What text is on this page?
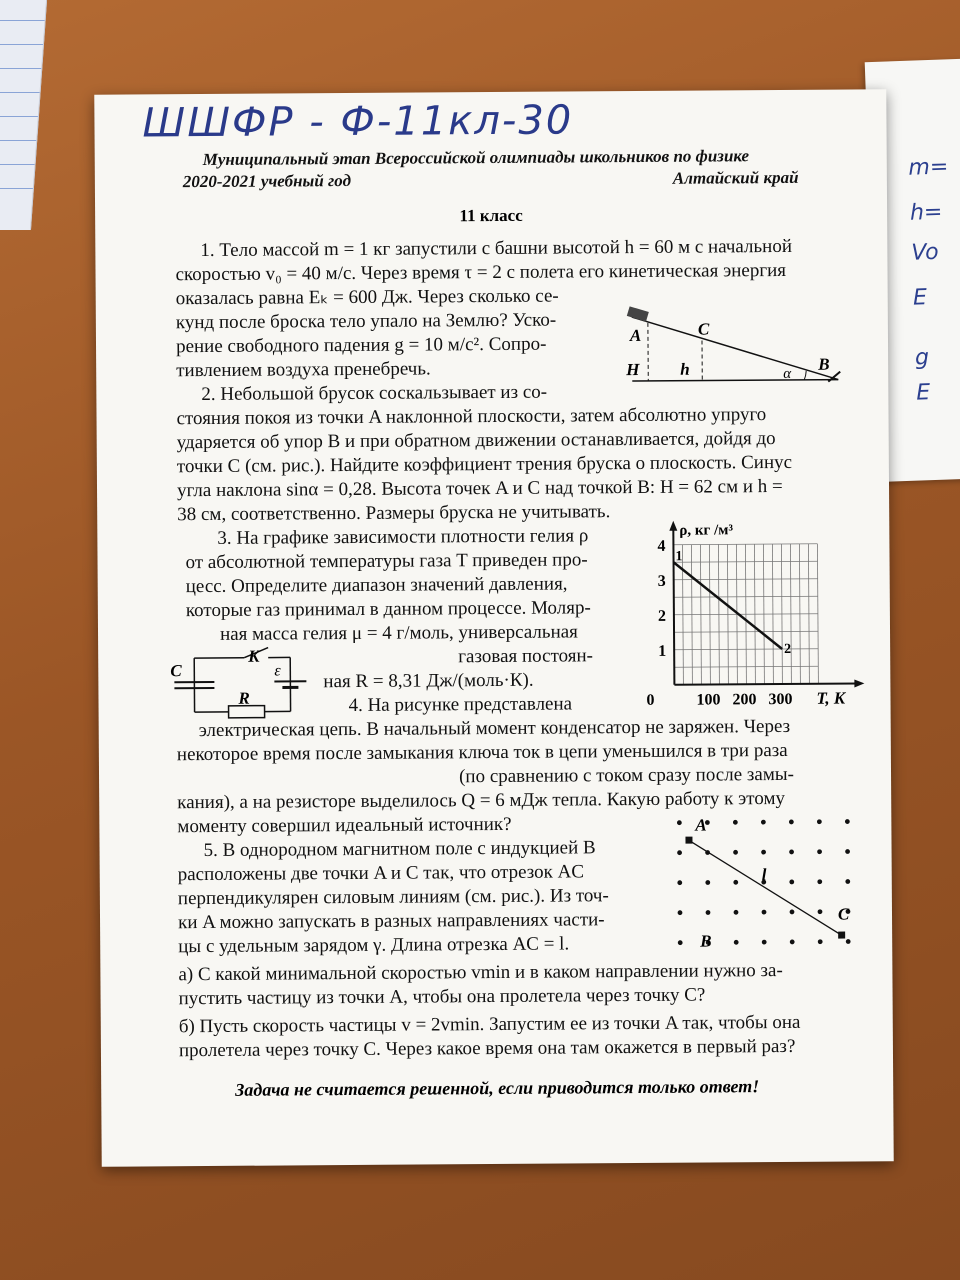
m=
h=
Vo
E
g
E
ШШФР - Ф-11кл-30
Муниципальный этап Всероссийской олимпиады школьников по физике
2020-2021 учебный год	Алтайский край
11 класс
1. Тело массой m = 1 кг запустили с башни высотой h = 60 м с начальной
скоростью v₀ = 40 м/с. Через время τ = 2 с полета его кинетическая энергия
оказалась равна Eₖ = 600 Дж. Через сколько се-
кунд после броска тело упало на Землю? Уско-
рение свободного падения g = 10 м/с². Сопро-
тивлением воздуха пренебречь.
A	C
B
H h	α
2. Небольшой брусок соскальзывает из со-
стояния покоя из точки A наклонной плоскости, затем абсолютно упруго
ударяется об упор B и при обратном движении останавливается, дойдя до
точки C (см. рис.). Найдите коэффициент трения бруска о плоскость. Синус
угла наклона sinα = 0,28. Высота точек A и C над точкой B: H = 62 см и h =
38 см, соответственно. Размеры бруска не учитывать.
3. На графике зависимости плотности гелия ρ
от абсолютной температуры газа T приведен про-
цесс. Определите диапазон значений давления,
которые газ принимал в данном процессе. Моляр-
ная масса гелия μ = 4 г/моль, универсальная
газовая постоян-
ная R = 8,31 Дж/(моль·К).
ρ, кг /м³
T, K
0
1
2
3
4
100 200 300
1
2
C
K
ε
R	4. На рисунке представлена
электрическая цепь. В начальный момент конденсатор не заряжен. Через
некоторое время после замыкания ключа ток в цепи уменьшился в три раза
(по сравнению с током сразу после замы-
кания), а на резисторе выделилось Q = 6 мДж тепла. Какую работу к этому
моменту совершил идеальный источник?
5. В однородном магнитном поле с индукцией B
расположены две точки A и C так, что отрезок AC
перпендикулярен силовым линиям (см. рис.). Из точ-
ки A можно запускать в разных направлениях части-
цы с удельным зарядом γ. Длина отрезка AC = l.
A
C
l
B⃗
а) С какой минимальной скоростью vmin и в каком направлении нужно за-
пустить частицу из точки A, чтобы она пролетела через точку C?
б) Пусть скорость частицы v = 2vmin. Запустим ее из точки A так, чтобы она
пролетела через точку C. Через какое время она там окажется в первый раз?
Задача не считается решенной, если приводится только ответ!
